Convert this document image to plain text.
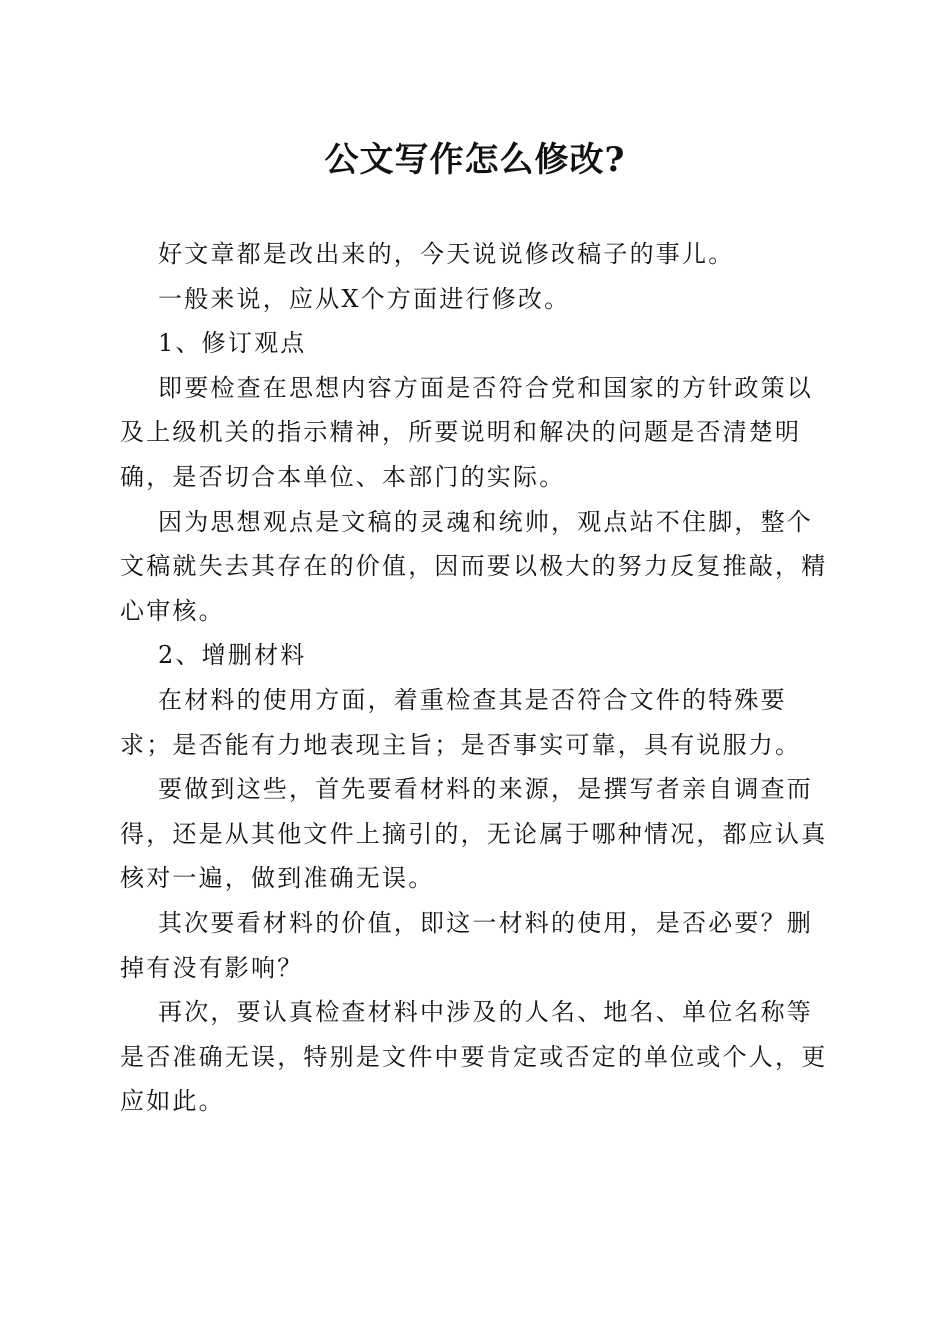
公文写作怎么修改?

好文章都是改出来的，今天说说修改稿子的事儿。

一般来说，应从X个方面进行修改。

1、修订观点

即要检查在思想内容方面是否符合党和国家的方针政策以及上级机关的指示精神，所要说明和解决的问题是否清楚明确，是否切合本单位、本部门的实际。

因为思想观点是文稿的灵魂和统帅，观点站不住脚，整个文稿就失去其存在的价值，因而要以极大的努力反复推敲，精心审核。

2、增删材料

在材料的使用方面，着重检查其是否符合文件的特殊要求；是否能有力地表现主旨；是否事实可靠，具有说服力。

要做到这些，首先要看材料的来源，是撰写者亲自调查而得，还是从其他文件上摘引的，无论属于哪种情况，都应认真核对一遍，做到准确无误。

其次要看材料的价值，即这一材料的使用，是否必要？删掉有没有影响？

再次，要认真检查材料中涉及的人名、地名、单位名称等是否准确无误，特别是文件中要肯定或否定的单位或个人，更应如此。
